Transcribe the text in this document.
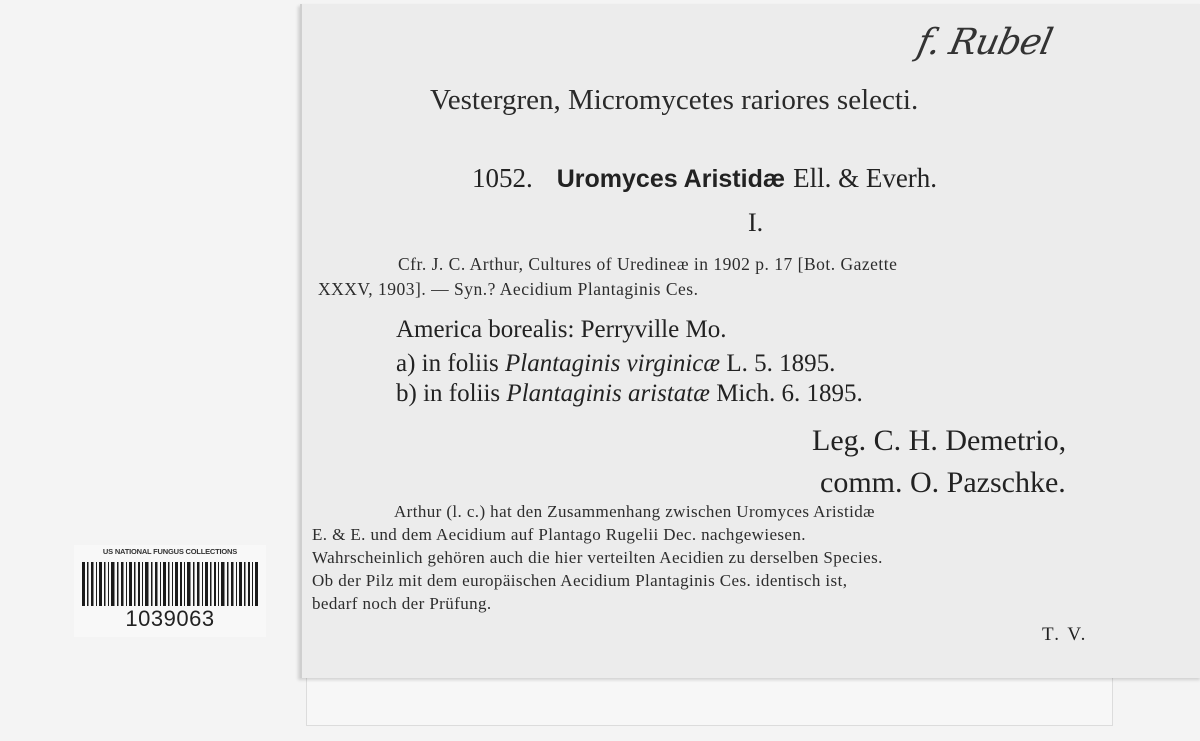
US NATIONAL FUNGUS COLLECTIONS
1039063
f. Rubel
Vestergren, Micromycetes rariores selecti.
1052. Uromyces Aristidæ Ell. & Everh.
I.
Cfr. J. C. Arthur, Cultures of Uredineæ in 1902 p. 17 [Bot. Gazette
XXXV, 1903]. — Syn.? Aecidium Plantaginis Ces.
America borealis: Perryville Mo.
a) in foliis Plantaginis virginicæ L. 5. 1895.
b) in foliis Plantaginis aristatæ Mich. 6. 1895.
Leg. C. H. Demetrio,
comm. O. Pazschke.
Arthur (l. c.) hat den Zusammenhang zwischen Uromyces Aristidæ
E. & E. und dem Aecidium auf Plantago Rugelii Dec. nachgewiesen.
Wahrscheinlich gehören auch die hier verteilten Aecidien zu derselben Species.
Ob der Pilz mit dem europäischen Aecidium Plantaginis Ces. identisch ist,
bedarf noch der Prüfung.
T. V.
